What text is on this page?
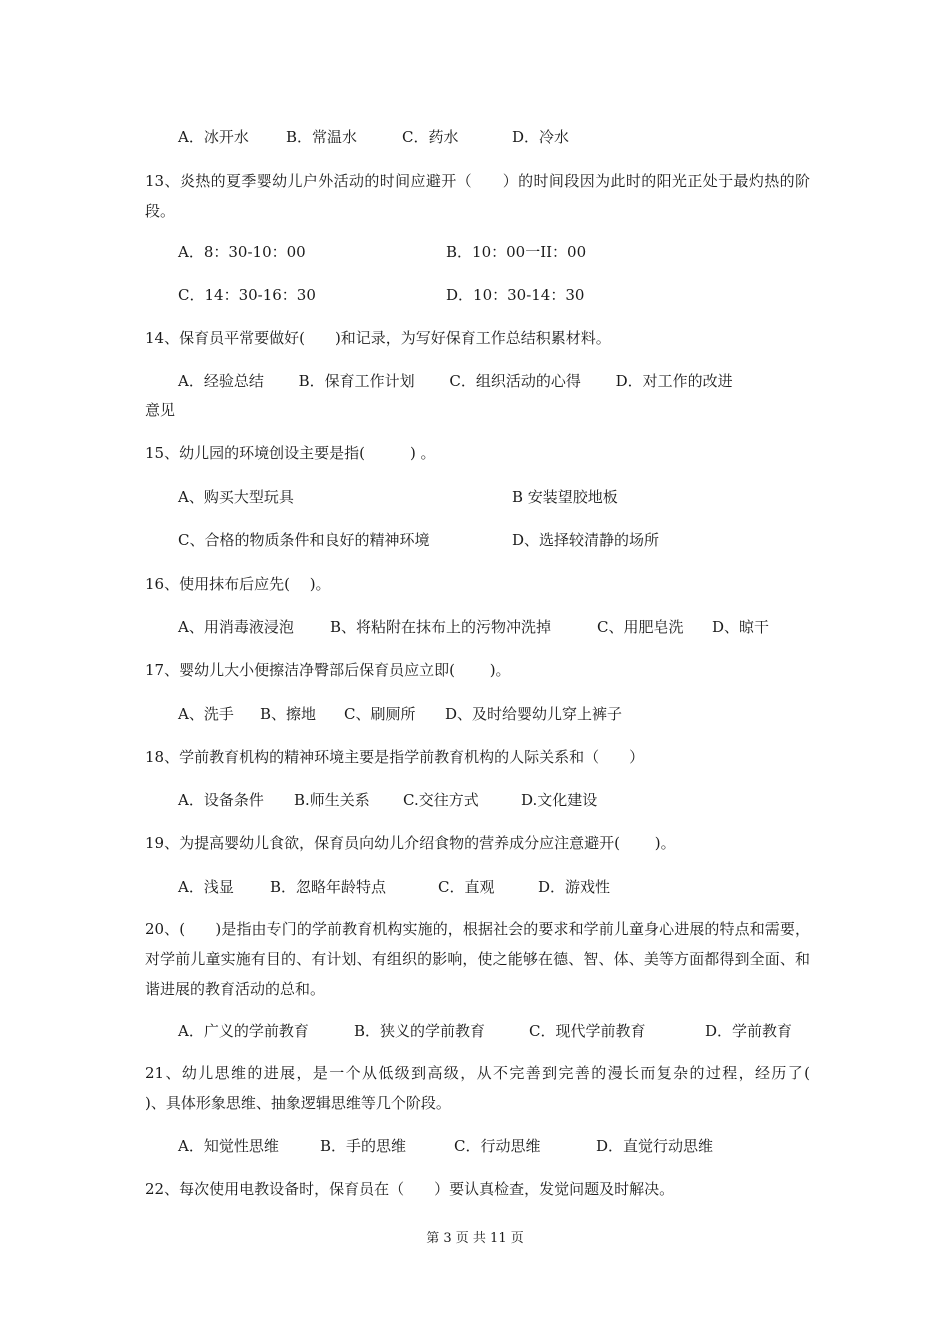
A．冰开水 B．常温水	C．药水	D．冷水
13、炎热的夏季婴幼儿户外活动的时间应避开（　　）的时间段因为此时的阳光正处于最灼热的阶段。
A．8：30-10：00	B．10：00一II：00
C．14：30-16：30	D．10：30-14：30
14、保育员平常要做好(　　)和记录，为写好保育工作总结积累材料。
A．经验总结　　 B．保育工作计划　　 C．组织活动的心得　　 D．对工作的改进
意见
15、幼儿园的环境创设主要是指(　　　) 。
A、购买大型玩具	B 安装望胶地板
C、合格的物质条件和良好的精神环境	D、选择较清静的场所
16、使用抹布后应先(　 )。
A、用消毒液浸泡 B、将粘附在抹布上的污物冲洗掉	C、用肥皂洗 D、晾干
17、婴幼儿大小便擦洁净臀部后保育员应立即(　　 )。
A、洗手 B、擦地 C、刷厕所 D、及时给婴幼儿穿上裤子
18、学前教育机构的精神环境主要是指学前教育机构的人际关系和（　　）
A．设备条件 B.师生关系 C.交往方式	D.文化建设
19、为提高婴幼儿食欲，保育员向幼儿介绍食物的营养成分应注意避开(　　 )。
A．浅显 B．忽略年龄特点	C．直观	D．游戏性
20、(　　)是指由专门的学前教育机构实施的，根据社会的要求和学前儿童身心进展的特点和需要，对学前儿童实施有目的、有计划、有组织的影响，使之能够在德、智、体、美等方面都得到全面、和谐进展的教育活动的总和。
A．广义的学前教育	B．狭义的学前教育	C．现代学前教育	D．学前教育
21、幼儿思维的进展，是一个从低级到高级，从不完善到完善的漫长而复杂的过程，经历了(　　 )、具体形象思维、抽象逻辑思维等几个阶段。
A．知觉性思维	B．手的思维	C．行动思维	D．直觉行动思维
22、每次使用电教设备时，保育员在（　　）要认真检查，发觉问题及时解决。
第 3 页 共 11 页
